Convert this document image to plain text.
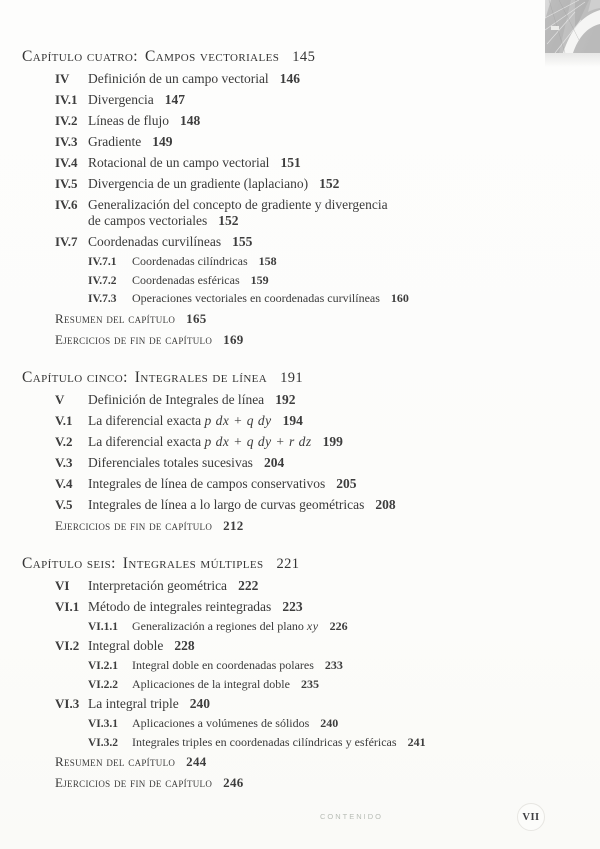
Capítulo cuatro: Campos vectoriales 145
IV	Definición de un campo vectorial 146
IV.1 Divergencia 147
IV.2 Líneas de flujo 148
IV.3 Gradiente 149
IV.4 Rotacional de un campo vectorial 151
IV.5 Divergencia de un gradiente (laplaciano) 152
IV.6 Generalización del concepto de gradiente y divergencia
de campos vectoriales 152
IV.7 Coordenadas curvilíneas 155
IV.7.1	Coordenadas cilíndricas 158
IV.7.2	Coordenadas esféricas 159
IV.7.3	Operaciones vectoriales en coordenadas curvilíneas 160
Resumen del capítulo 165
Ejercicios de fin de capítulo 169
Capítulo cinco: Integrales de línea 191
V	Definición de Integrales de línea 192
V.1	La diferencial exacta p dx + q dy 194
V.2	La diferencial exacta p dx + q dy + r dz 199
V.3	Diferenciales totales sucesivas 204
V.4	Integrales de línea de campos conservativos 205
V.5	Integrales de línea a lo largo de curvas geométricas 208
Ejercicios de fin de capítulo 212
Capítulo seis: Integrales múltiples 221
VI	Interpretación geométrica 222
VI.1 Método de integrales reintegradas 223
VI.1.1	Generalización a regiones del plano xy 226
VI.2 Integral doble 228
VI.2.1	Integral doble en coordenadas polares 233
VI.2.2	Aplicaciones de la integral doble 235
VI.3 La integral triple 240
VI.3.1	Aplicaciones a volúmenes de sólidos 240
VI.3.2	Integrales triples en coordenadas cilíndricas y esféricas 241
Resumen del capítulo 244
Ejercicios de fin de capítulo 246
CONTENIDO	VII
